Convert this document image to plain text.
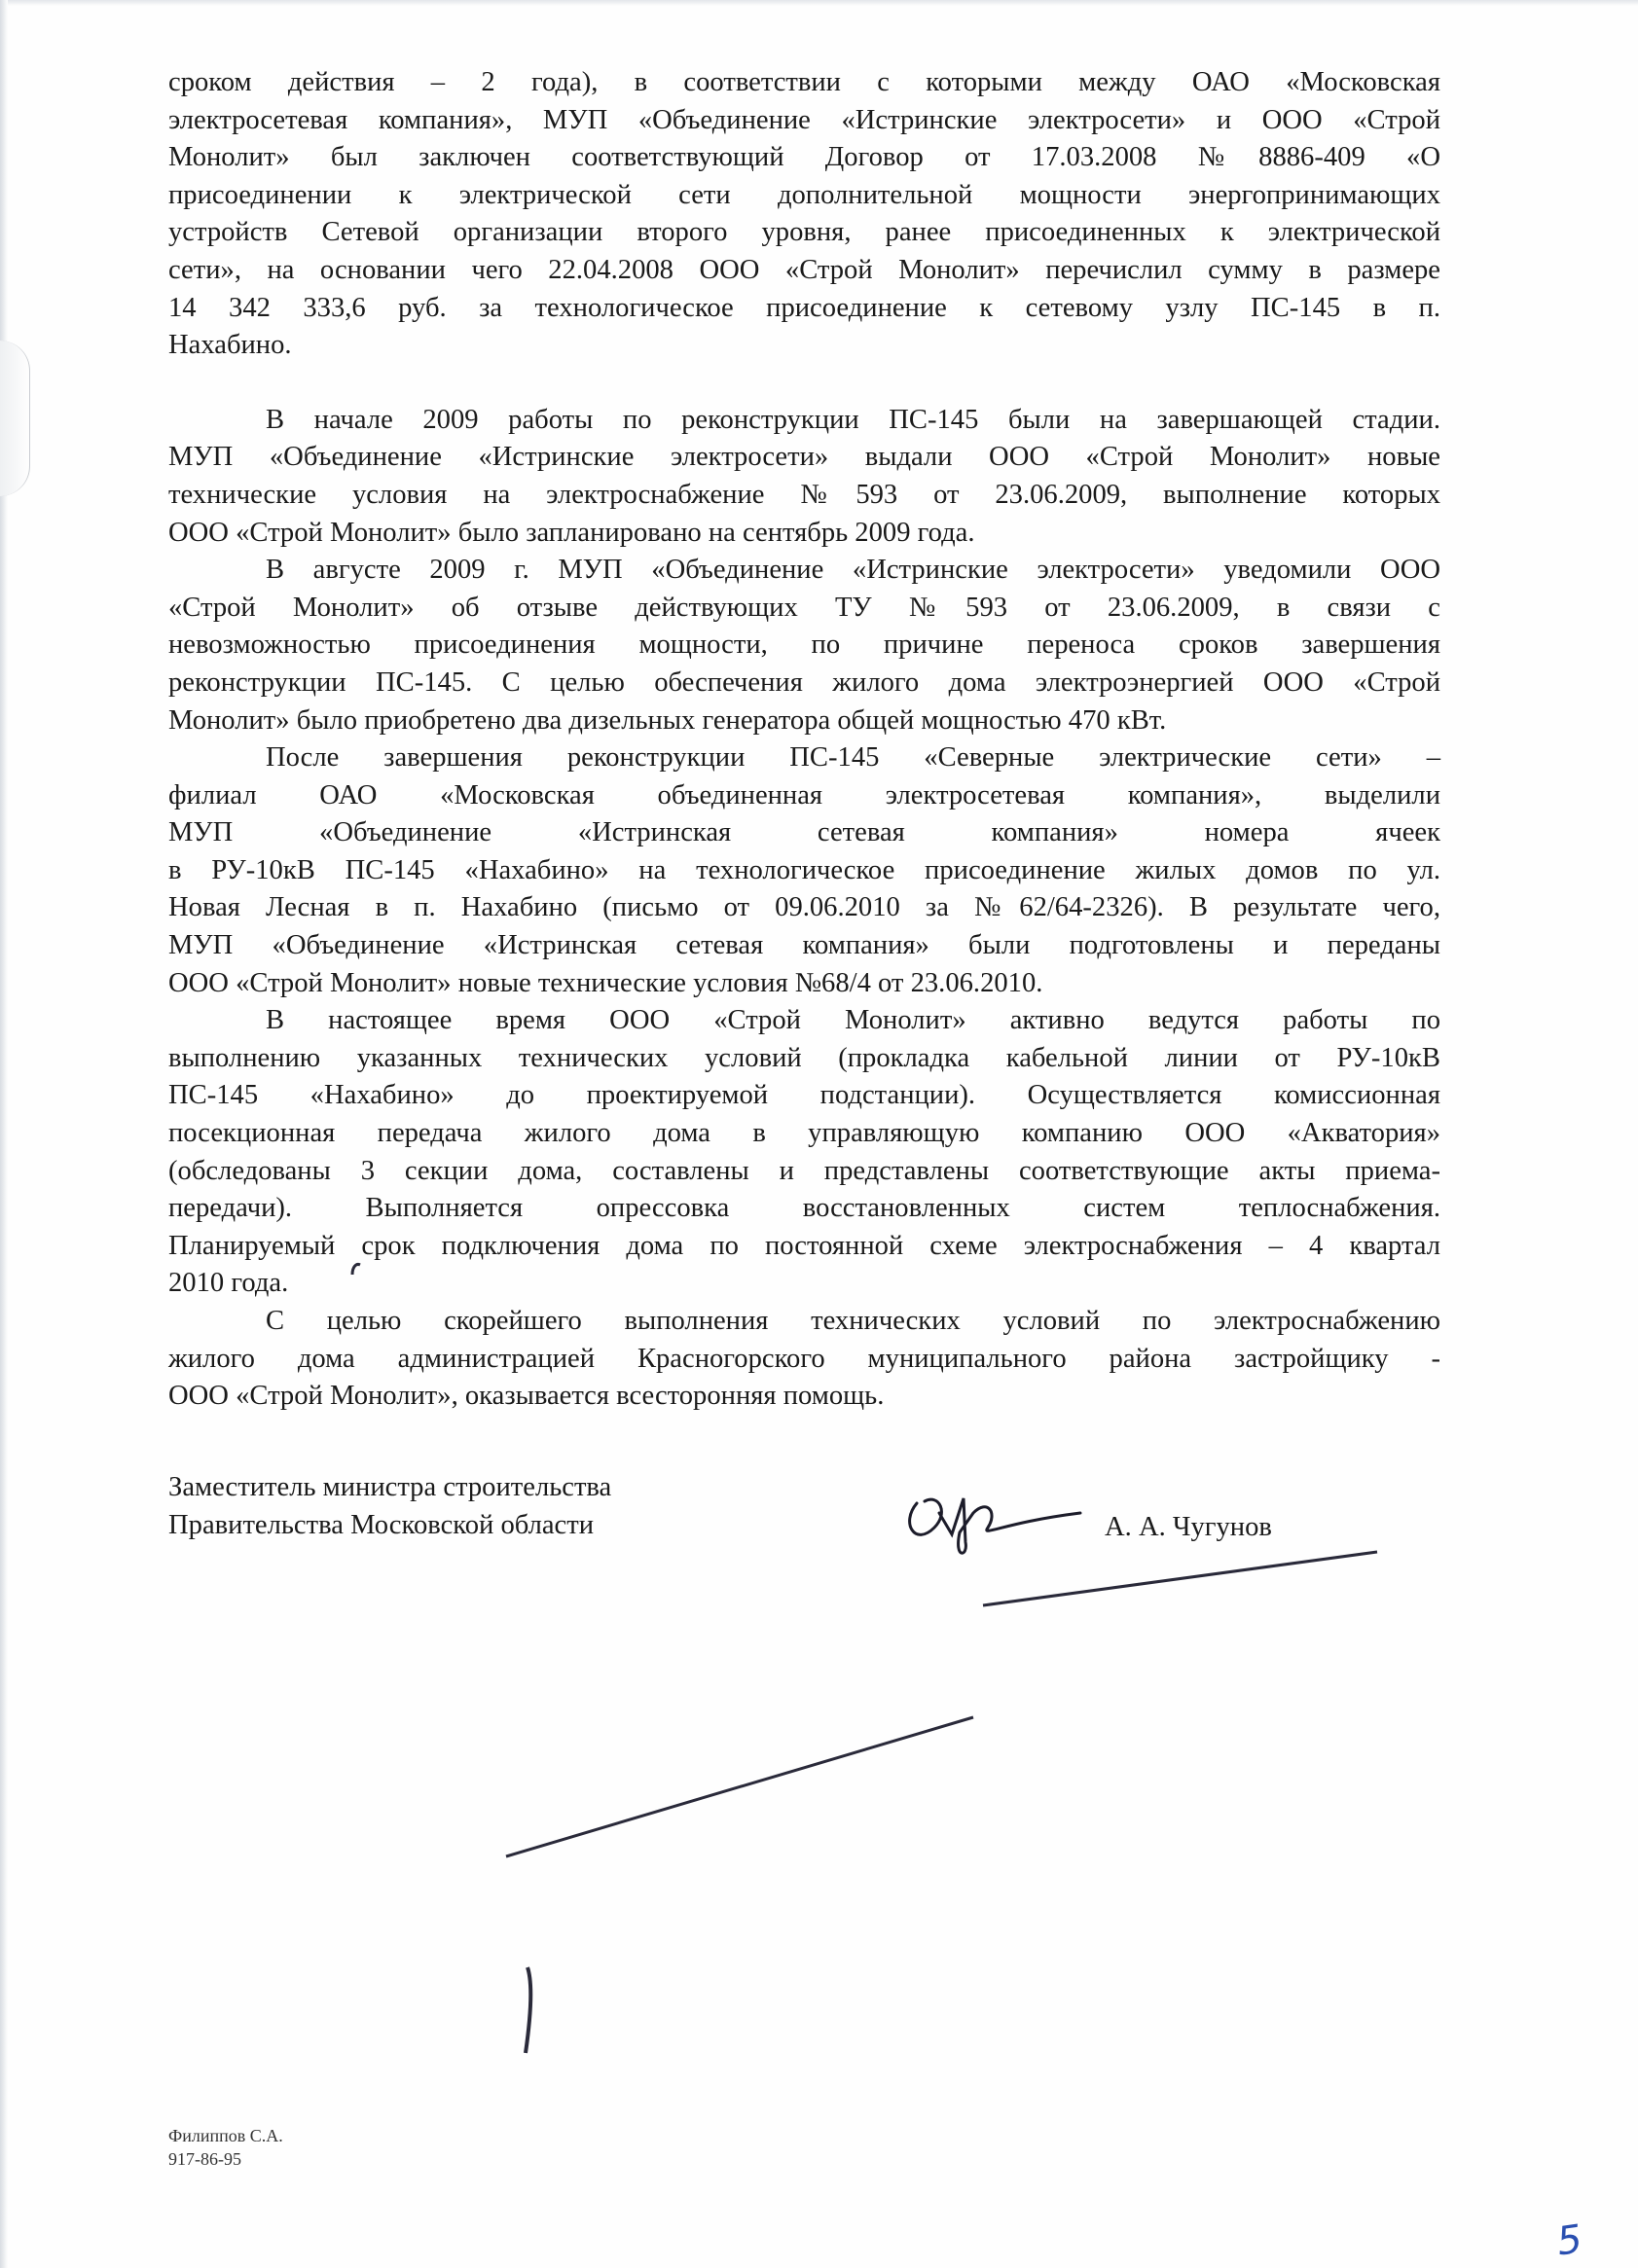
сроком действия – 2 года), в соответствии с которыми между ОАО «Московская
электросетевая компания», МУП «Объединение «Истринские электросети» и ООО «Строй
Монолит» был заключен соответствующий Договор от 17.03.2008 №8886-409 «О
присоединении к электрической сети дополнительной мощности энергопринимающих
устройств Сетевой организации второго уровня, ранее присоединенных к электрической
сети», на основании чего 22.04.2008 ООО «Строй Монолит» перечислил сумму в размере
14 342 333,6 руб. за технологическое присоединение к сетевому узлу ПС-145 в п.
Нахабино.

В начале 2009 работы по реконструкции ПС-145 были на завершающей стадии.
МУП «Объединение «Истринские электросети» выдали ООО «Строй Монолит» новые
технические условия на электроснабжение №593 от 23.06.2009, выполнение которых
ООО «Строй Монолит» было запланировано на сентябрь 2009 года.

В августе 2009 г. МУП «Объединение «Истринские электросети» уведомили ООО
«Строй Монолит» об отзыве действующих ТУ №593 от 23.06.2009, в связи с
невозможностью присоединения мощности, по причине переноса сроков завершения
реконструкции ПС-145. С целью обеспечения жилого дома электроэнергией ООО «Строй
Монолит» было приобретено два дизельных генератора общей мощностью 470 кВт.

После завершения реконструкции ПС-145 «Северные электрические сети» –
филиал ОАО «Московская объединенная электросетевая компания», выделили
МУП «Объединение «Истринская сетевая компания» номера ячеек
в РУ-10кВ ПС-145 «Нахабино» на технологическое присоединение жилых домов по ул.
Новая Лесная в п. Нахабино (письмо от 09.06.2010 за №62/64-2326). В результате чего,
МУП «Объединение «Истринская сетевая компания» были подготовлены и переданы
ООО «Строй Монолит» новые технические условия №68/4 от 23.06.2010.

В настоящее время ООО «Строй Монолит» активно ведутся работы по
выполнению указанных технических условий (прокладка кабельной линии от РУ-10кВ
ПС-145 «Нахабино» до проектируемой подстанции). Осуществляется комиссионная
посекционная передача жилого дома в управляющую компанию ООО «Акватория»
(обследованы 3 секции дома, составлены и представлены соответствующие акты приема-
передачи). Выполняется опрессовка восстановленных систем теплоснабжения.
Планируемый срок подключения дома по постоянной схеме электроснабжения – 4 квартал
2010 года.

С целью скорейшего выполнения технических условий по электроснабжению
жилого дома администрацией Красногорского муниципального района застройщику -
ООО «Строй Монолит», оказывается всесторонняя помощь.

Заместитель министра строительства
Правительства Московской области	А. А. Чугунов
Филиппов С.А.
917-86-95
5
